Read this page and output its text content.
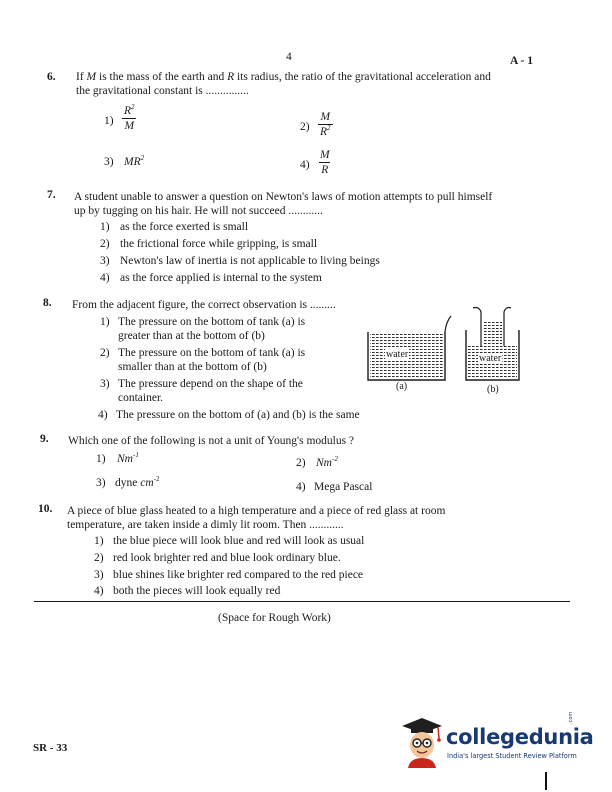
4	A - 1
6. If M is the mass of the earth and R its radius, the ratio of the gravitational acceleration and
the gravitational constant is ...............
$1) \frac{R^2}{M}$	$2) \frac{M}{R^2}$
3) $MR^2$
$4) \frac{M}{R}$
7. A student unable to answer a question on Newton's laws of motion attempts to pull himself
up by tugging on his hair. He will not succeed ............
1) as the force exerted is small
2) the frictional force while gripping, is small
3) Newton's law of inertia is not applicable to living beings
4) as the force applied is internal to the system
8. From the adjacent figure, the correct observation is .........
1) The pressure on the bottom of tank (a) is
greater than at the bottom of (b)
2) The pressure on the bottom of tank (a) is
smaller than at the bottom of (b)
3) The pressure depend on the shape of the
container.
4) The pressure on the bottom of (a) and (b) is the same
water	water
(a)	(b)
9. Which one of the following is not a unit of Young's modulus ?
1) $Nm^{-1}$
2) $Nm^{-2}$
3) dyne $cm^{-2}$
4) Mega Pascal
10. A piece of blue glass heated to a high temperature and a piece of red glass at room
temperature, are taken inside a dimly lit room. Then ............
1) the blue piece will look blue and red will look as usual
2) red look brighter red and blue look ordinary blue.
3) blue shines like brighter red compared to the red piece
4) both the pieces will look equally red
(Space for Rough Work)
SR - 33	collegedunia
.com
India's largest Student Review Platform
